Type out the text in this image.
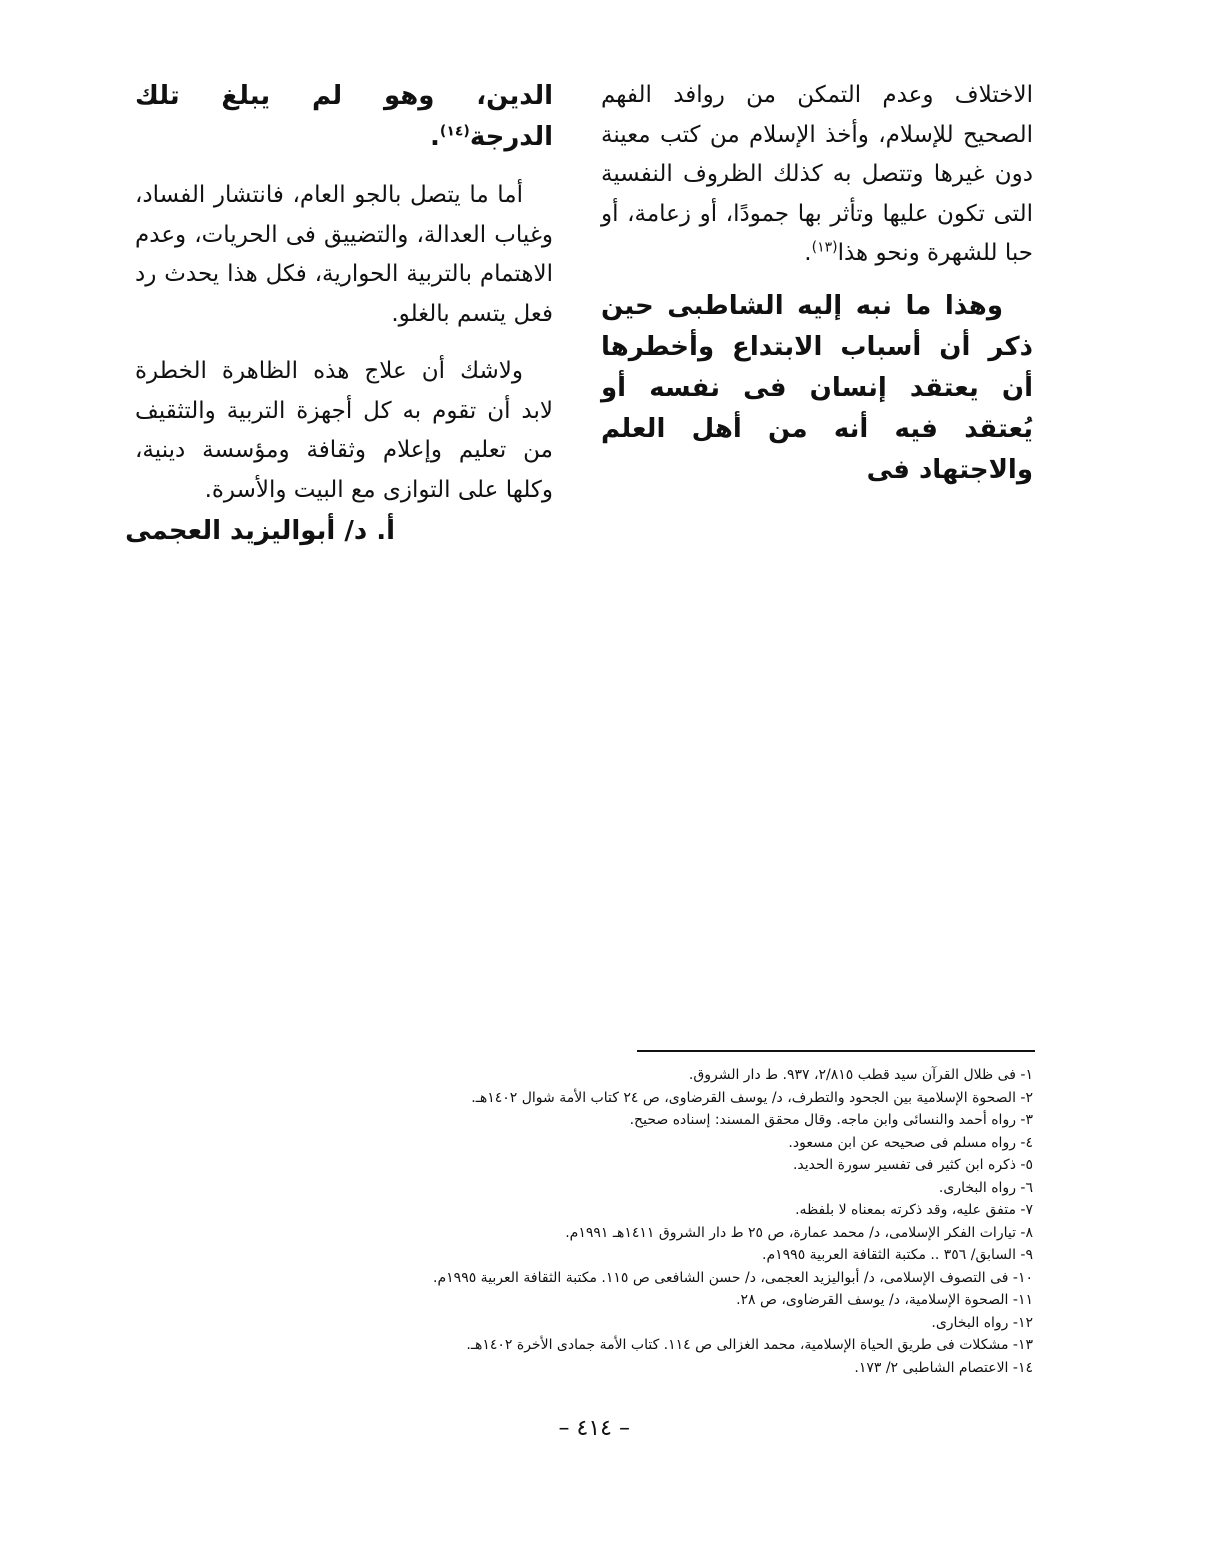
الاختلاف وعدم التمكن من روافد الفهم الصحيح للإسلام، وأخذ الإسلام من كتب معينة دون غيرها وتتصل به كذلك الظروف النفسية التى تكون عليها وتأثر بها جمودًا، أو زعامة، أو حبا للشهرة ونحو هذا$^{(١٣)}$.

وهذا ما نبه إليه الشاطبى حين ذكر أن أسباب الابتداع وأخطرها أن يعتقد إنسان فى نفسه أو يُعتقد فيه أنه من أهل العلم والاجتهاد فى

الدين، وهو لم يبلغ تلك الدرجة$^{(١٤)}$.

أما ما يتصل بالجو العام، فانتشار الفساد، وغياب العدالة، والتضييق فى الحريات، وعدم الاهتمام بالتربية الحوارية، فكل هذا يحدث رد فعل يتسم بالغلو.

ولاشك أن علاج هذه الظاهرة الخطرة لابد أن تقوم به كل أجهزة التربية والتثقيف من تعليم وإعلام وثقافة ومؤسسة دينية، وكلها على التوازى مع البيت والأسرة.

أ. د/ أبواليزيد العجمى

١- فى ظلال القرآن سيد قطب ٢/٨١٥، ٩٣٧. ط دار الشروق.
٢- الصحوة الإسلامية بين الجحود والتطرف، د/ يوسف القرضاوى، ص ٢٤ كتاب الأمة شوال ١٤٠٢هـ.
٣- رواه أحمد والنسائى وابن ماجه. وقال محقق المسند: إسناده صحيح.
٤- رواه مسلم فى صحيحه عن ابن مسعود.
٥- ذكره ابن كثير فى تفسير سورة الحديد.
٦- رواه البخارى.
٧- متفق عليه، وقد ذكرته بمعناه لا بلفظه.
٨- تيارات الفكر الإسلامى، د/ محمد عمارة، ص ٢٥ ط دار الشروق ١٤١١هـ ١٩٩١م.
٩- السابق/ ٣٥٦ .. مكتبة الثقافة العربية ١٩٩٥م.
١٠- فى التصوف الإسلامى، د/ أبواليزيد العجمى، د/ حسن الشافعى ص ١١٥. مكتبة الثقافة العربية ١٩٩٥م.
١١- الصحوة الإسلامية، د/ يوسف القرضاوى، ص ٢٨.
١٢- رواه البخارى.
١٣- مشكلات فى طريق الحياة الإسلامية، محمد الغزالى ص ١١٤. كتاب الأمة جمادى الأخرة ١٤٠٢هـ.
١٤- الاعتصام الشاطبى ٢/ ١٧٣.

– ٤١٤ –
